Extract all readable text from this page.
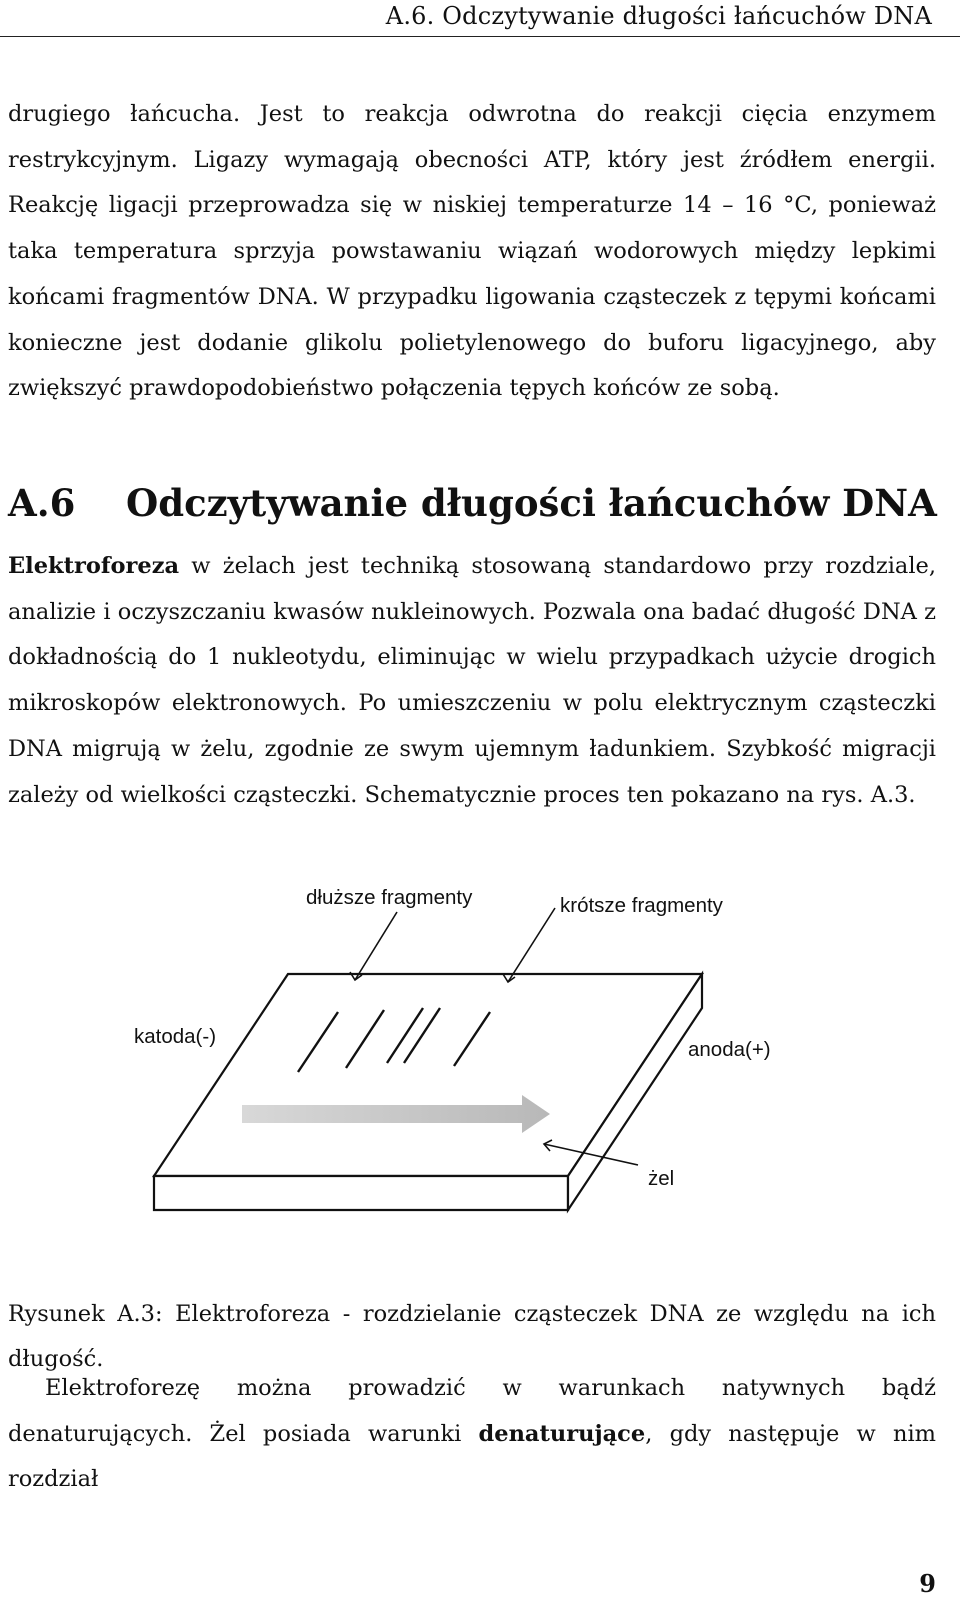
A.6. Odczytywanie długości łańcuchów DNA

drugiego łańcucha. Jest to reakcja odwrotna do reakcji cięcia enzymem restrykcyjnym. Ligazy wymagają obecności ATP, który jest źródłem energii. Reakcję ligacji przeprowadza się w niskiej temperaturze 14 – 16 °C, ponieważ taka temperatura sprzyja powstawaniu wiązań wodorowych między lepkimi końcami fragmentów DNA. W przypadku ligowania cząsteczek z tępymi końcami konieczne jest dodanie glikolu polietylenowego do buforu ligacyjnego, aby zwiększyć prawdopodobieństwo połączenia tępych końców ze sobą.

A.6 Odczytywanie długości łańcuchów DNA

Elektroforeza w żelach jest techniką stosowaną standardowo przy rozdziale, analizie i oczyszczaniu kwasów nukleinowych. Pozwala ona badać długość DNA z dokładnością do 1 nukleotydu, eliminując w wielu przypadkach użycie drogich mikroskopów elektronowych. Po umieszczeniu w polu elektrycznym cząsteczki DNA migrują w żelu, zgodnie ze swym ujemnym ładunkiem. Szybkość migracji zależy od wielkości cząsteczki. Schematycznie proces ten pokazano na rys. A.3.

dłuższe fragmenty	krótsze fragmenty
katoda(-)
anoda(+)
żel

Rysunek A.3: Elektroforeza - rozdzielanie cząsteczek DNA ze względu na ich długość.

Elektroforezę można prowadzić w warunkach natywnych bądź denaturujących. Żel posiada warunki denaturujące, gdy następuje w nim rozdział

9
